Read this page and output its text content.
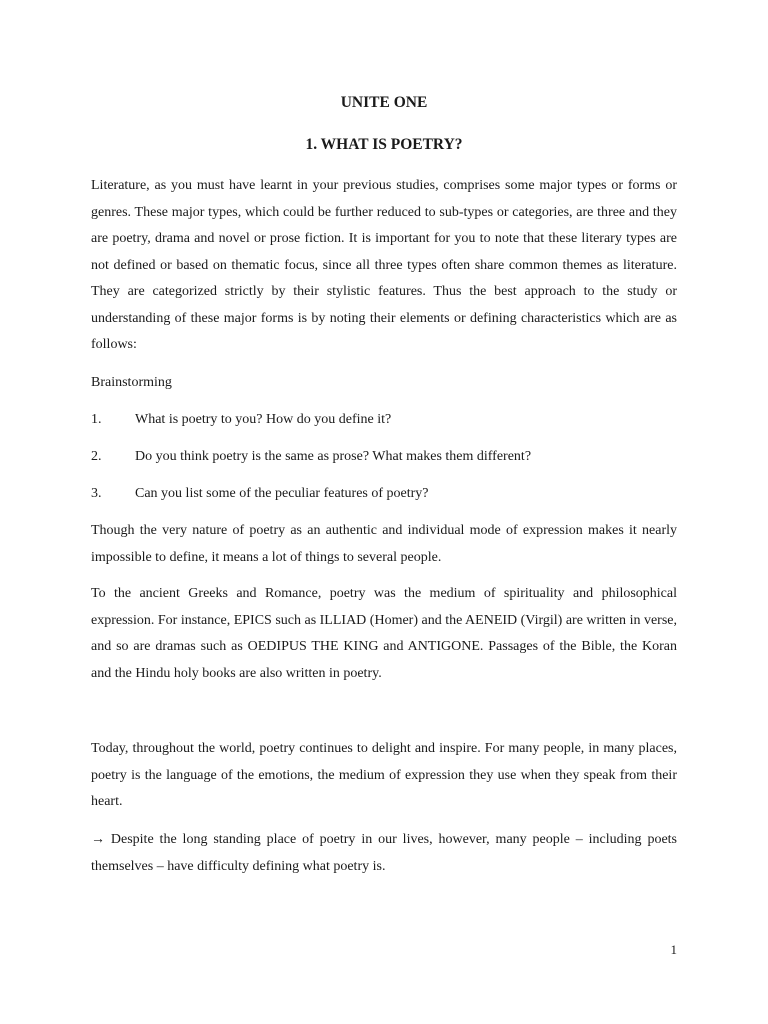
UNITE ONE
1. WHAT IS POETRY?

Literature, as you must have learnt in your previous studies, comprises some major types or forms or genres. These major types, which could be further reduced to sub-types or categories, are three and they are poetry, drama and novel or prose fiction. It is important for you to note that these literary types are not defined or based on thematic focus, since all three types often share common themes as literature. They are categorized strictly by their stylistic features. Thus the best approach to the study or understanding of these major forms is by noting their elements or defining characteristics which are as follows:

Brainstorming
1. What is poetry to you? How do you define it?
2. Do you think poetry is the same as prose? What makes them different?
3. Can you list some of the peculiar features of poetry?

Though the very nature of poetry as an authentic and individual mode of expression makes it nearly impossible to define, it means a lot of things to several people.

To the ancient Greeks and Romance, poetry was the medium of spirituality and philosophical expression. For instance, EPICS such as ILLIAD (Homer) and the AENEID (Virgil) are written in verse, and so are dramas such as OEDIPUS THE KING and ANTIGONE. Passages of the Bible, the Koran and the Hindu holy books are also written in poetry.

Today, throughout the world, poetry continues to delight and inspire. For many people, in many places, poetry is the language of the emotions, the medium of expression they use when they speak from their heart.

→ Despite the long standing place of poetry in our lives, however, many people – including poets themselves – have difficulty defining what poetry is.

1
